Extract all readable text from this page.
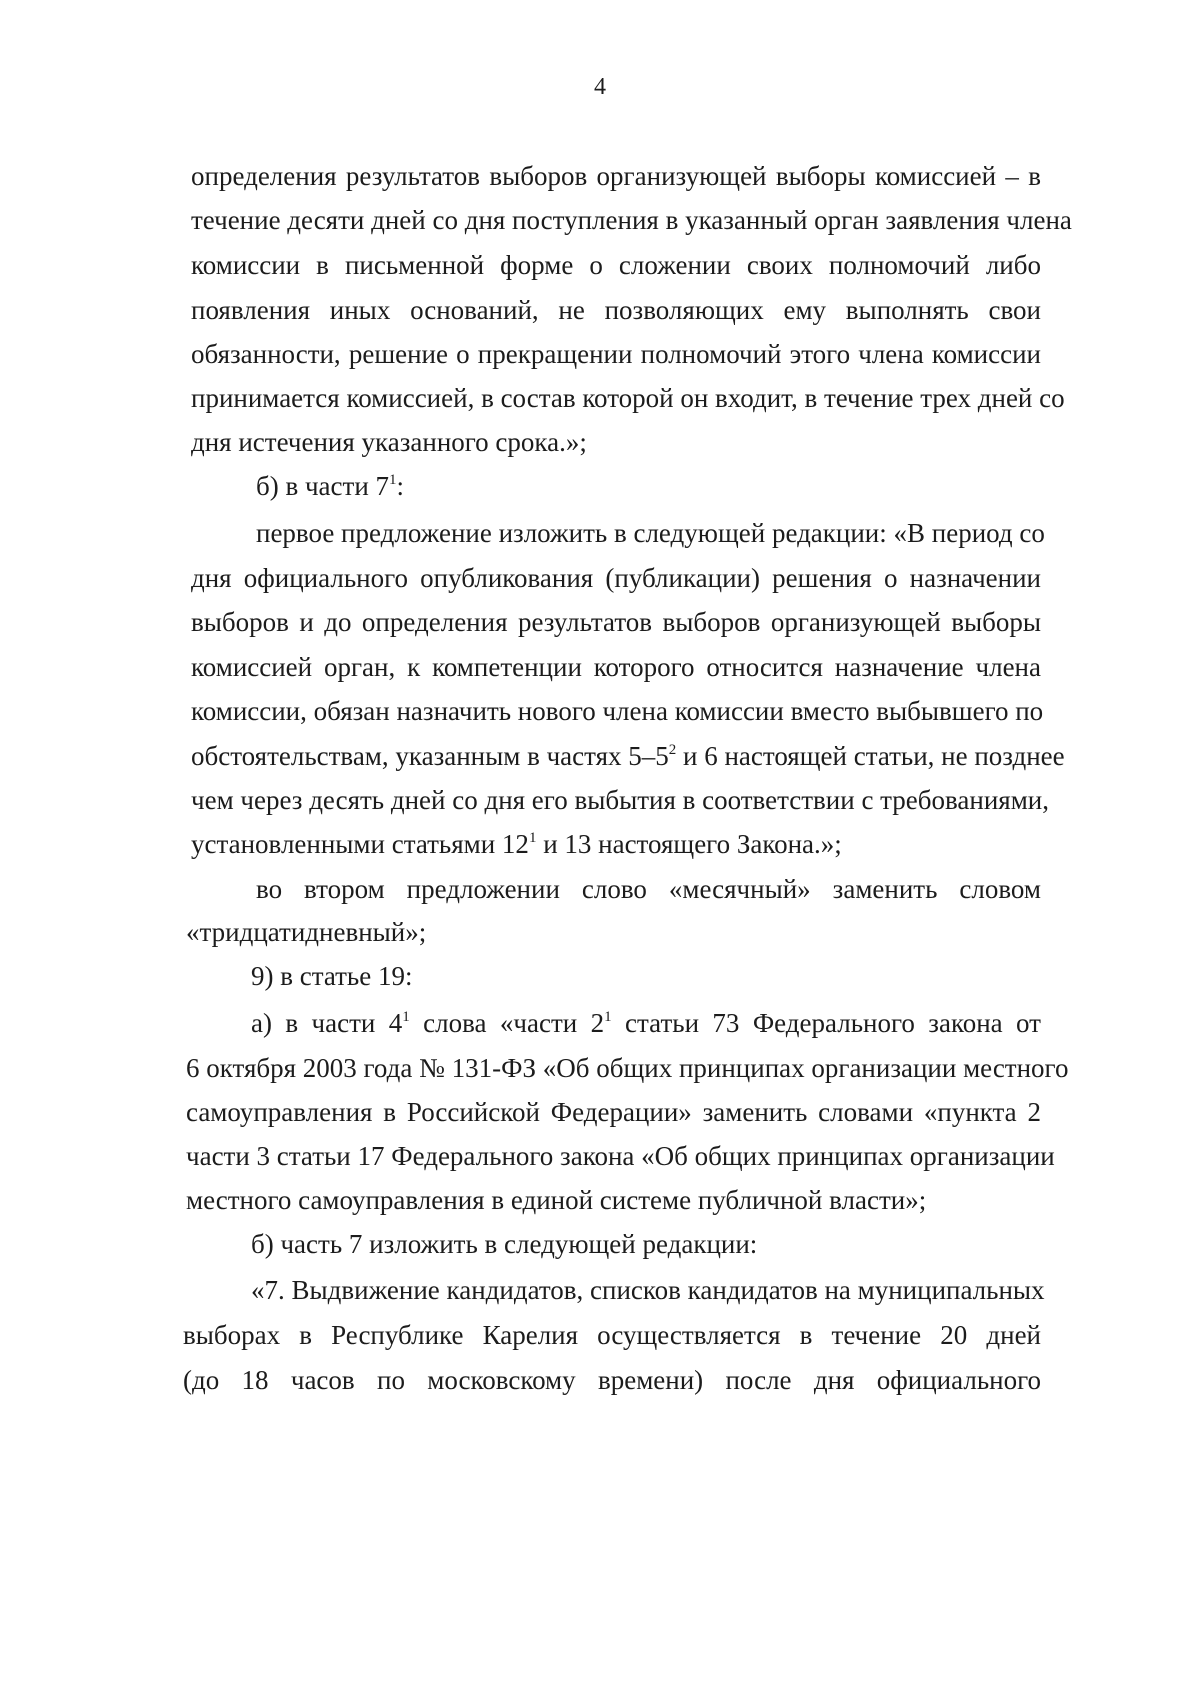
4
определения результатов выборов организующей выборы комиссией – в
течение десяти дней со дня поступления в указанный орган заявления члена
комиссии в письменной форме о сложении своих полномочий либо
появления иных оснований, не позволяющих ему выполнять свои
обязанности, решение о прекращении полномочий этого члена комиссии
принимается комиссией, в состав которой он входит, в течение трех дней со
дня истечения указанного срока.»;
б) в части $7^1$:
первое предложение изложить в следующей редакции: «В период со
дня официального опубликования (публикации) решения о назначении
выборов и до определения результатов выборов организующей выборы
комиссией орган, к компетенции которого относится назначение члена
комиссии, обязан назначить нового члена комиссии вместо выбывшего по
обстоятельствам, указанным в частях $5-5^2$ и 6 настоящей статьи, не позднее
чем через десять дней со дня его выбытия в соответствии с требованиями,
установленными статьями $12^1$ и 13 настоящего Закона.»;
во втором предложении слово «месячный» заменить словом
«тридцатидневный»;
9) в статье 19:
а) в части $4^1$ слова «части $2^1$ статьи 73 Федерального закона от
6 октября 2003 года № 131-ФЗ «Об общих принципах организации местного
самоуправления в Российской Федерации» заменить словами «пункта 2
части 3 статьи 17 Федерального закона «Об общих принципах организации
местного самоуправления в единой системе публичной власти»;
б) часть 7 изложить в следующей редакции:
«7. Выдвижение кандидатов, списков кандидатов на муниципальных
выборах в Республике Карелия осуществляется в течение 20 дней
(до 18 часов по московскому времени) после дня официального
